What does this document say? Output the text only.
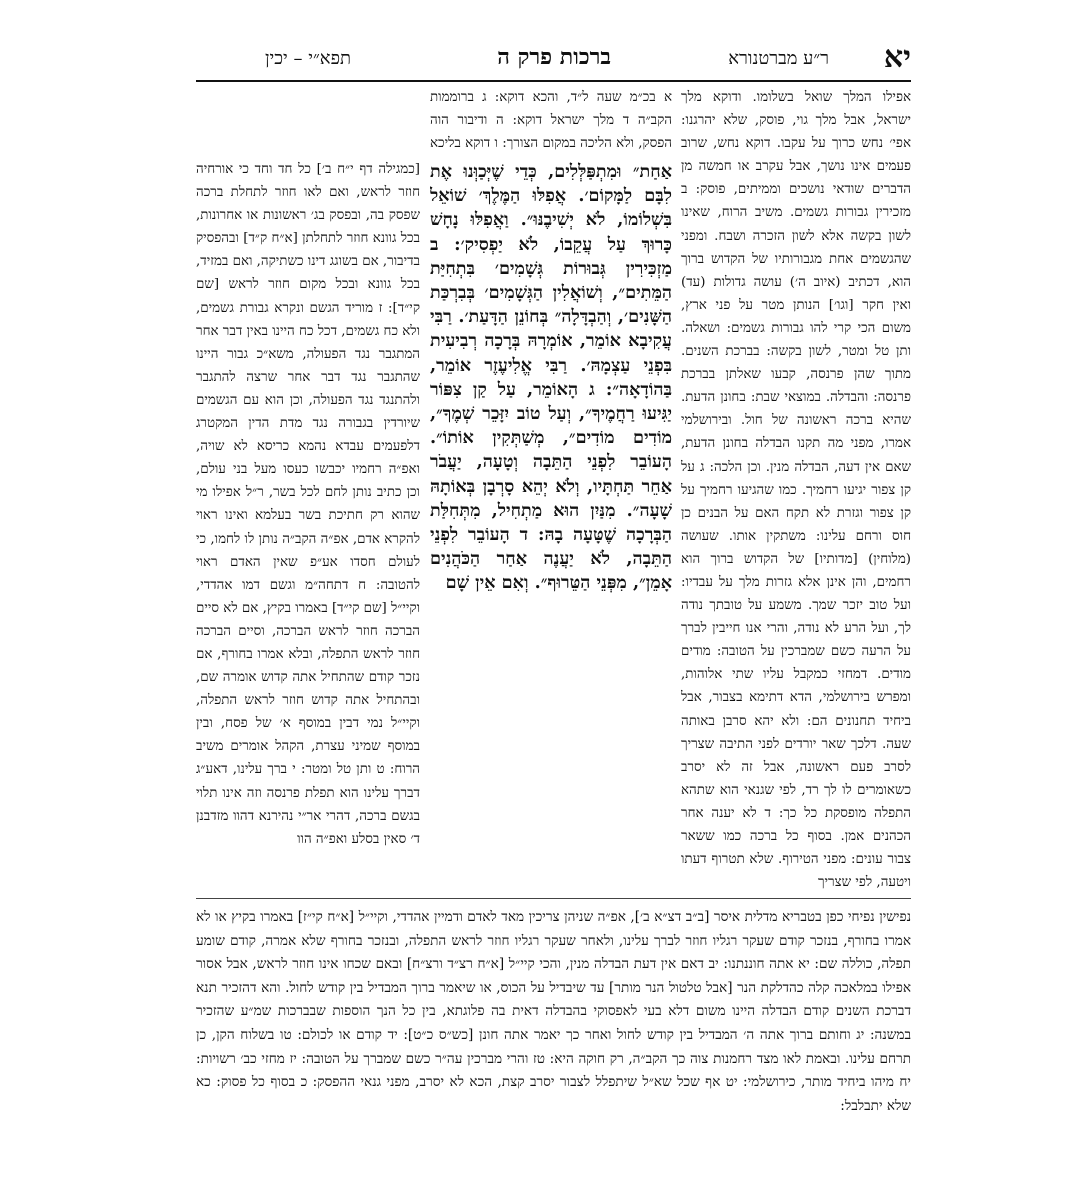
יא
ר״ע מברטנורא
ברכות פרק ה
תפא״י – יכין

אפילו המלך שואל בשלומו. ודוקא מלך ישראל, אבל מלך גוי, פוסק, שלא יהרגנו: אפי׳ נחש כרוך על עקבו. דוקא נחש, שרוב פעמים אינו נושך, אבל עקרב או חמשה מן הדברים שודאי נושכים וממיתים, פוסק: ב מזכירין גבורות גשמים. משיב הרוח, שאינו לשון בקשה אלא לשון הזכרה ושבח. ומפני שהגשמים אחת מגבורותיו של הקדוש ברוך הוא, דכתיב (איוב ה׳) עושה גדולות (עד) ואין חקר [וגו׳] הנותן מטר על פני ארץ, משום הכי קרי להו גבורות גשמים: ושאלה. ותן טל ומטר, לשון בקשה: בברכת השנים. מתוך שהן פרנסה, קבעו שאלתן בברכת פרנסה: והבדלה. במוצאי שבת: בחונן הדעת. שהיא ברכה ראשונה של חול. ובירושלמי אמרו, מפני מה תקנו הבדלה בחונן הדעת, שאם אין דעה, הבדלה מנין. וכן הלכה: ג על קן צפור יגיעו רחמיך. כמו שהגיעו רחמיך על קן צפור וגזרת לא תקח האם על הבנים כן חוס ורחם עלינו: משתקין אותו. שעושה (מלוחין) [מדותיו] של הקדוש ברוך הוא רחמים, והן אינן אלא גזרות מלך על עבדיו: ועל טוב יזכר שמך. משמע על טובתך נודה לך, ועל הרע לא נודה, והרי אנו חייבין לברך על הרעה כשם שמברכין על הטובה: מודים מודים. דמחזי כמקבל עליו שתי אלוהות, ומפרש בירושלמי, הדא דתימא בצבור, אבל ביחיד תחנונים הם: ולא יהא סרבן באותה שעה. דלכך שאר יורדים לפני התיבה שצריך לסרב פעם ראשונה, אבל זה לא יסרב כשאומרים לו לך רד, לפי שגנאי הוא שתהא התפלה מופסקת כל כך: ד לא יענה אחר הכהנים אמן. בסוף כל ברכה כמו ששאר צבור עונים: מפני הטירוף. שלא תטרוף דעתו ויטעה, לפי שצריך

א בכ״מ שעה ל״ד, והכא דוקא: ג ברוממות הקב״ה ד מלך ישראל דוקא: ה ודיבור הוה הפסק, ולא הליכה במקום הצורך: ו דוקא בליכא

אַחַת״ וּמִתְפַּלְּלִים, כְּדֵי שֶׁיְּכַוְּנוּ אֶת לִבָּם לַמָּקוֹם׳. אֲפִלּוּ הַמֶּלֶךְ׳ שׁוֹאֵל בִּשְׁלוֹמוֹ, לֹא יְשִׁיבֶנּוּ״. וַאֲפִלּוּ נָחָשׁ כָּרוּךְ עַל עֲקֵבוֹ, לֹא יַפְסִיק׳: ב מַזְכִּירִין גְּבוּרוֹת גְּשָׁמִים׳ בִּתְחִיַּת הַמֵּתִים״, וְשׁוֹאֲלִין הַגְּשָׁמִים׳ בְּבִרְכַּת הַשָּׁנִים׳, וְהַבְדָּלָה״ בְּחוֹנֵן הַדָּעַת׳. רַבִּי עֲקִיבָא אוֹמֵר, אוֹמְרָהּ בְּרָכָה רְבִיעִית בִּפְנֵי עַצְמָהּ׳. רַבִּי אֱלִיעֶזֶר אוֹמֵר, בַּהוֹדָאָה״: ג הָאוֹמֵר, עַל קַן צִפּוֹר יַגִּיעוּ רַחֲמֶיךָ״, וְעַל טוֹב יִזָּכֵר שְׁמֶךָ״, מוֹדִים מוֹדִים״, מְשַׁתְּקִין אוֹתוֹ״. הָעוֹבֵר לִפְנֵי הַתֵּבָה וְטָעָה, יַעֲבֹר אַחֵר תַּחְתָּיו, וְלֹא יְהֵא סָרְבָן בְּאוֹתָהּ שָׁעָה״. מִנַּיִן הוּא מַתְחִיל, מִתְּחִלַּת הַבְּרָכָה שֶׁטָּעָה בָהּ: ד הָעוֹבֵר לִפְנֵי הַתֵּבָה, לֹא יַעֲנֶה אַחַר הַכֹּהֲנִים אָמֵן״, מִפְּנֵי הַטֵּרוּף״. וְאִם אֵין שָׁם

[כמגילה דף י״ח ב׳] כל חד וחד כי אורחיה חוזר לראש, ואם לאו חוזר לתחלת ברכה שפסק בה, ובפסק בג׳ ראשונות או אחרונות, בכל גוונא חוזר לתחלתן [א״ח ק״ד] ובהפסיק בדיבור, אם בשוגג דינו כשתיקה, ואם במזיד, בכל גוונא ובכל מקום חוזר לראש [שם קי״ד]: ז מוריד הגשם ונקרא גבורת גשמים, ולא כח גשמים, דכל כח היינו באין דבר אחר המתגבר נגד הפעולה, משא״כ גבור היינו שהתגבר נגד דבר אחר שרצה להתגבר ולהתנגד נגד הפעולה, וכן הוא עם הגשמים שיורדין בגבורה נגד מדת הדין המקטרג דלפעמים עבדא נהמא כריסא לא שויה, ואפ״ה רחמיו יכבשו כעסו מעל בני עולם, וכן כתיב נותן לחם לכל בשר, ר״ל אפילו מי שהוא רק חתיכת בשר בעלמא ואינו ראוי להקרא אדם, אפ״ה הקב״ה נותן לו לחמו, כי לעולם חסדו אע״פ שאין האדם ראוי להטובה: ח דתחה״מ וגשם דמו אהדדי, וקיי״ל [שם קי״ד] באמרו בקיץ, אם לא סיים הברכה חוזר לראש הברכה, וסיים הברכה חוזר לראש התפלה, ובלא אמרו בחורף, אם נזכר קודם שהתחיל אתה קדוש אומרה שם, ובהתחיל אתה קדוש חוזר לראש התפלה, וקיי״ל נמי דבין במוסף א׳ של פסח, ובין במוסף שמיני עצרת, הקהל אומרים משיב הרוח: ט ותן טל ומטר: י ברך עלינו, דאע״ג דברך עלינו הוא תפלת פרנסה וזה אינו תלוי בגשם ברכה, דהרי אר״י נהירנא דהוו מזדבנן ד׳ סאין בסלע ואפ״ה הוו

נפישין נפיחי כפן בטבריא מדלית איסר [ב״ב דצ״א ב׳], אפ״ה שניהן צריכין מאד לאדם ודמיין אהדדי, וקיי״ל [א״ח קי״ז] באמרו בקיץ או לא אמרו בחורף, בנזכר קודם שעקר רגליו חוזר לברך עלינו, ולאחר שעקר רגליו חוזר לראש התפלה, ובנזכר בחורף שלא אמרה, קודם שומע תפלה, כוללה שם: יא אתה חוננתנו: יב דאם אין דעת הבדלה מנין, והכי קיי״ל [א״ח רצ״ד ורצ״ח] ובאם שכחו אינו חוזר לראש, אבל אסור אפילו במלאכה קלה כהדלקת הנר [אבל טלטול הנר מותר] עד שיבדיל על הכוס, או שיאמר ברוך המבדיל בין קודש לחול. והא דהזכיר תנא דברכת השנים קודם הבדלה היינו משום דלא בעי לאפסוקי בהבדלה דאית בה פלוגתא, בין כל הנך הוספות שבברכות שמ״ע שהזכיר במשנה: יג וחותם ברוך אתה ה׳ המבדיל בין קודש לחול ואחר כך יאמר אתה חונן [כש״ס כ״ט]: יד קודם או לכולם: טו בשלוח הקן, כן תרחם עלינו. ובאמת לאו מצד רחמנות צוה כך הקב״ה, רק חוקה היא: טז והרי מברכין עה״ר כשם שמברך על הטובה: יז מחזי כב׳ רשויות: יח מיהו ביחיד מותר, כירושלמי: יט אף שכל שא״ל שיתפלל לצבור יסרב קצת, הכא לא יסרב, מפני גנאי ההפסק: כ בסוף כל פסוק: כא שלא יתבלבל:
